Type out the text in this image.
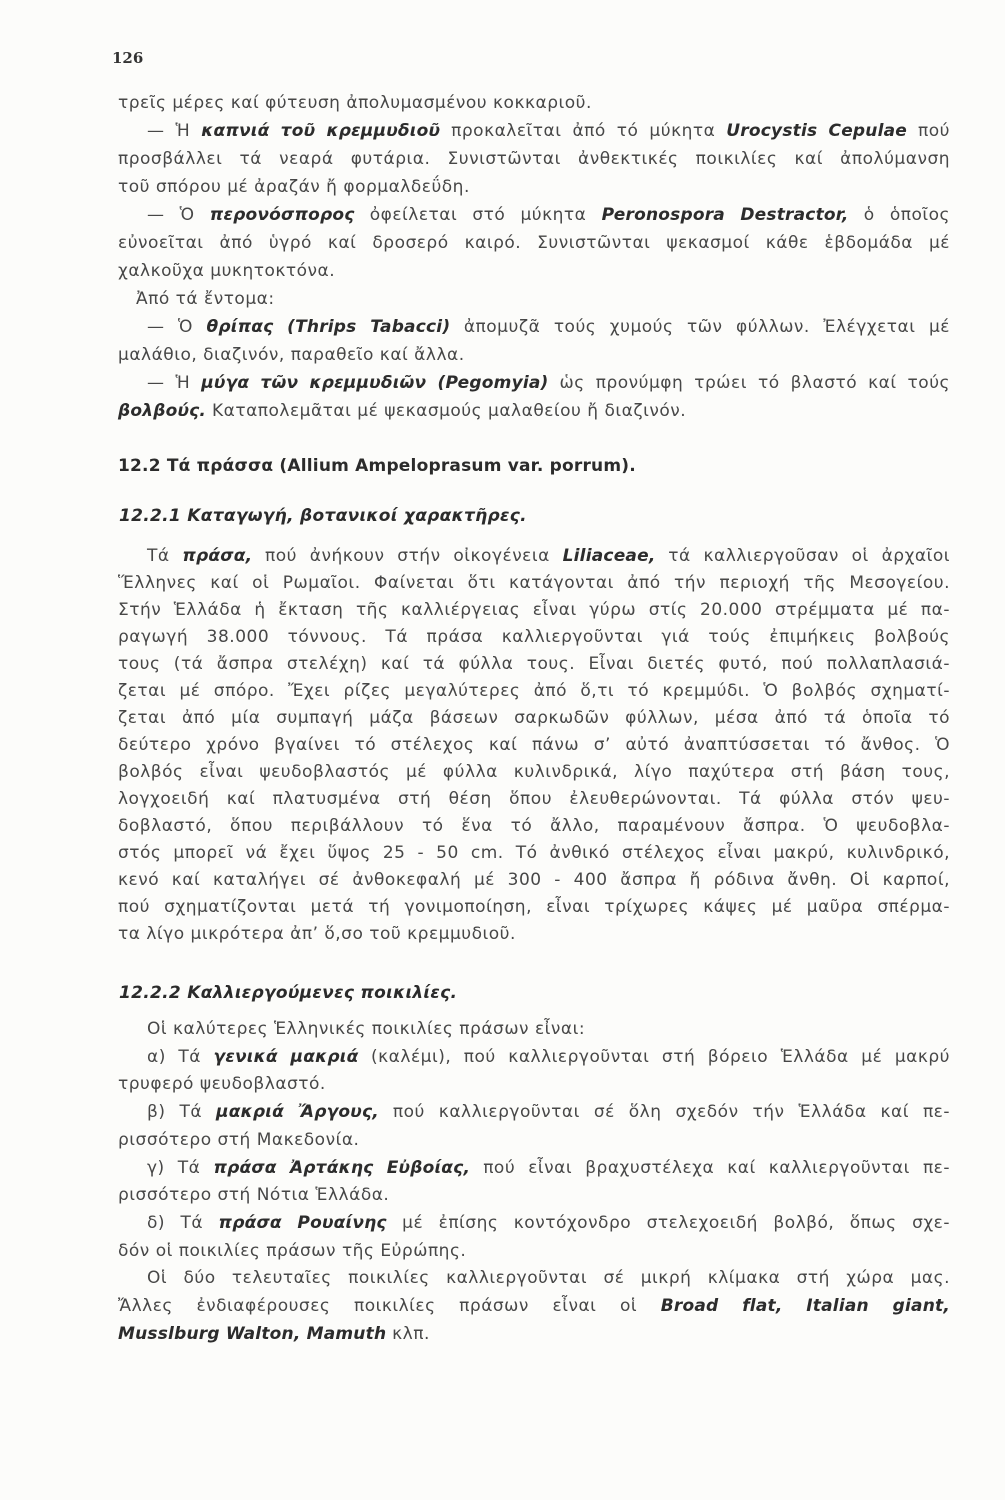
126
τρεῖς μέρες καί φύτευση ἀπολυμασμένου κοκκαριοῦ.
— Ἡ καπνιά τοῦ κρεμμυδιοῦ προκαλεῖται ἀπό τό μύκητα Urocystis Cepulae πού
προσβάλλει τά νεαρά φυτάρια. Συνιστῶνται ἀνθεκτικές ποικιλίες καί ἀπολύμανση
τοῦ σπόρου μέ ἀραζάν ἤ φορμαλδεΰδη.
— Ὁ περονόσπορος ὀφείλεται στό μύκητα Peronospora Destractor, ὁ ὁποῖος
εὐνοεῖται ἀπό ὑγρό καί δροσερό καιρό. Συνιστῶνται ψεκασμοί κάθε ἑβδομάδα μέ
χαλκοῦχα μυκητοκτόνα.
Ἀπό τά ἔντομα:
— Ὁ θρίπας (Thrips Tabacci) ἀπομυζᾶ τούς χυμούς τῶν φύλλων. Ἐλέγχεται μέ
μαλάθιο, διαζινόν, παραθεῖο καί ἄλλα.
— Ἡ μύγα τῶν κρεμμυδιῶν (Pegomyia) ὡς προνύμφη τρώει τό βλαστό καί τούς
βολβούς. Καταπολεμᾶται μέ ψεκασμούς μαλαθείου ἤ διαζινόν.
12.2 Τά πράσσα (Allium Ampeloprasum var. porrum).
12.2.1 Καταγωγή, βοτανικοί χαρακτῆρες.
Τά πράσα, πού ἀνήκουν στήν οἰκογένεια Liliaceae, τά καλλιεργοῦσαν οἱ ἀρχαῖοι
Ἕλληνες καί οἱ Ρωμαῖοι. Φαίνεται ὅτι κατάγονται ἀπό τήν περιοχή τῆς Μεσογείου.
Στήν Ἑλλάδα ἡ ἔκταση τῆς καλλιέργειας εἶναι γύρω στίς 20.000 στρέμματα μέ πα-
ραγωγή 38.000 τόννους. Τά πράσα καλλιεργοῦνται γιά τούς ἐπιμήκεις βολβούς
τους (τά ἄσπρα στελέχη) καί τά φύλλα τους. Εἶναι διετές φυτό, πού πολλαπλασιά-
ζεται μέ σπόρο. Ἔχει ρίζες μεγαλύτερες ἀπό ὅ,τι τό κρεμμύδι. Ὁ βολβός σχηματί-
ζεται ἀπό μία συμπαγή μάζα βάσεων σαρκωδῶν φύλλων, μέσα ἀπό τά ὁποῖα τό
δεύτερο χρόνο βγαίνει τό στέλεχος καί πάνω σ’ αὐτό ἀναπτύσσεται τό ἄνθος. Ὁ
βολβός εἶναι ψευδοβλαστός μέ φύλλα κυλινδρικά, λίγο παχύτερα στή βάση τους,
λογχοειδή καί πλατυσμένα στή θέση ὅπου ἐλευθερώνονται. Τά φύλλα στόν ψευ-
δοβλαστό, ὅπου περιβάλλουν τό ἕνα τό ἄλλο, παραμένουν ἄσπρα. Ὁ ψευδοβλα-
στός μπορεῖ νά ἔχει ὕψος 25 - 50 cm. Τό ἀνθικό στέλεχος εἶναι μακρύ, κυλινδρικό,
κενό καί καταλήγει σέ ἀνθοκεφαλή μέ 300 - 400 ἄσπρα ἤ ρόδινα ἄνθη. Οἱ καρποί,
πού σχηματίζονται μετά τή γονιμοποίηση, εἶναι τρίχωρες κάψες μέ μαῦρα σπέρμα-
τα λίγο μικρότερα ἀπ’ ὅ,σο τοῦ κρεμμυδιοῦ.
12.2.2 Καλλιεργούμενες ποικιλίες.
Οἱ καλύτερες Ἑλληνικές ποικιλίες πράσων εἶναι:
α) Τά γενικά μακριά (καλέμι), πού καλλιεργοῦνται στή βόρειο Ἑλλάδα μέ μακρύ
τρυφερό ψευδοβλαστό.
β) Τά μακριά Ἄργους, πού καλλιεργοῦνται σέ ὅλη σχεδόν τήν Ἑλλάδα καί πε-
ρισσότερο στή Μακεδονία.
γ) Τά πράσα Ἀρτάκης Εὐβοίας, πού εἶναι βραχυστέλεχα καί καλλιεργοῦνται πε-
ρισσότερο στή Νότια Ἑλλάδα.
δ) Τά πράσα Ρουαίνης μέ ἐπίσης κοντόχονδρο στελεχοειδή βολβό, ὅπως σχε-
δόν οἱ ποικιλίες πράσων τῆς Εὐρώπης.
Οἱ δύο τελευταῖες ποικιλίες καλλιεργοῦνται σέ μικρή κλίμακα στή χώρα μας.
Ἄλλες ἐνδιαφέρουσες ποικιλίες πράσων εἶναι οἱ Broad flat, Italian giant,
Musslburg Walton, Mamuth κλπ.
